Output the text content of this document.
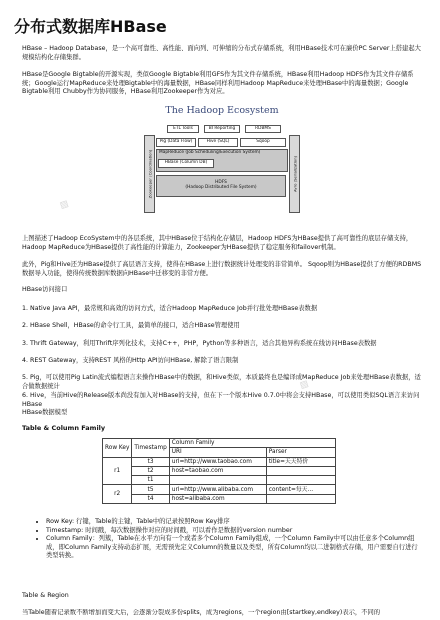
▨
▨
分布式数据库HBase
HBase – Hadoop Database，是一个高可靠性、高性能、面向列、可伸缩的分布式存储系统，利用HBase技术可在廉价PC Server上搭建起大规模结构化存储集群。
HBase是Google Bigtable的开源实现，类似Google Bigtable利用GFS作为其文件存储系统，HBase利用Hadoop HDFS作为其文件存储系统；Google运行MapReduce来处理Bigtable中的海量数据，HBase同样利用Hadoop MapReduce来处理HBase中的海量数据；Google Bigtable利用 Chubby作为协同服务，HBase利用Zookeeper作为对应。
The Hadoop Ecosystem
ETL Tools	BI Reporting	RDBMS
Zookeeper (Coordination)	Avro (Serialization)
Pig (Data Flow)	Hive (SQL)	Sqoop
MapReduce (Job Scheduling/Execution System)
HBase (Column DB)
HDFS
(Hadoop Distributed File System)
上图描述了Hadoop EcoSystem中的各层系统，其中HBase位于结构化存储层，Hadoop HDFS为HBase提供了高可靠性的底层存储支持，Hadoop MapReduce为HBase提供了高性能的计算能力，Zookeeper为HBase提供了稳定服务和failover机制。
此外，Pig和Hive还为HBase提供了高层语言支持，使得在HBase上进行数据统计处理变的非常简单。 Sqoop则为HBase提供了方便的RDBMS数据导入功能，使得传统数据库数据向HBase中迁移变的非常方便。
HBase访问接口
1. Native Java API，最常规和高效的访问方式，适合Hadoop MapReduce Job并行批处理HBase表数据
2. HBase Shell，HBase的命令行工具，最简单的接口，适合HBase管理使用
3. Thrift Gateway，利用Thrift序列化技术，支持C++，PHP，Python等多种语言，适合其他异构系统在线访问HBase表数据
4. REST Gateway，支持REST 风格的Http API访问HBase, 解除了语言限制
5. Pig，可以使用Pig Latin流式编程语言来操作HBase中的数据，和Hive类似，本质最终也是编译成MapReduce Job来处理HBase表数据，适合做数据统计
6. Hive，当前Hive的Release版本尚没有加入对HBase的支持，但在下一个版本Hive 0.7.0中将会支持HBase，可以使用类似SQL语言来访问HBase
HBase数据模型
Table & Column Family
Row Key	Timestamp	Column Family	
		URI	Parser
r1	t3	url=http://www.taobao.com	title=天天特价
	t2	host=taobao.com	
	t1		
r2	t5	url=http://www.alibaba.com	content=每天…
	t4	host=alibaba.com	
• Row Key: 行键，Table的主键，Table中的记录按照Row Key排序
• Timestamp: 时间戳，每次数据操作对应的时间戳，可以看作是数据的version number
• Column Family：列簇，Table在水平方向有一个或者多个Column Family组成，一个Column Family中可以由任意多个Column组成，即Column Family支持动态扩展，无需预先定义Column的数量以及类型，所有Column均以二进制格式存储，用户需要自行进行类型转换。
Table & Region
当Table随着记录数不断增加而变大后，会逐渐分裂成多份splits，成为regions，一个region由[startkey,endkey)表示，不同的
